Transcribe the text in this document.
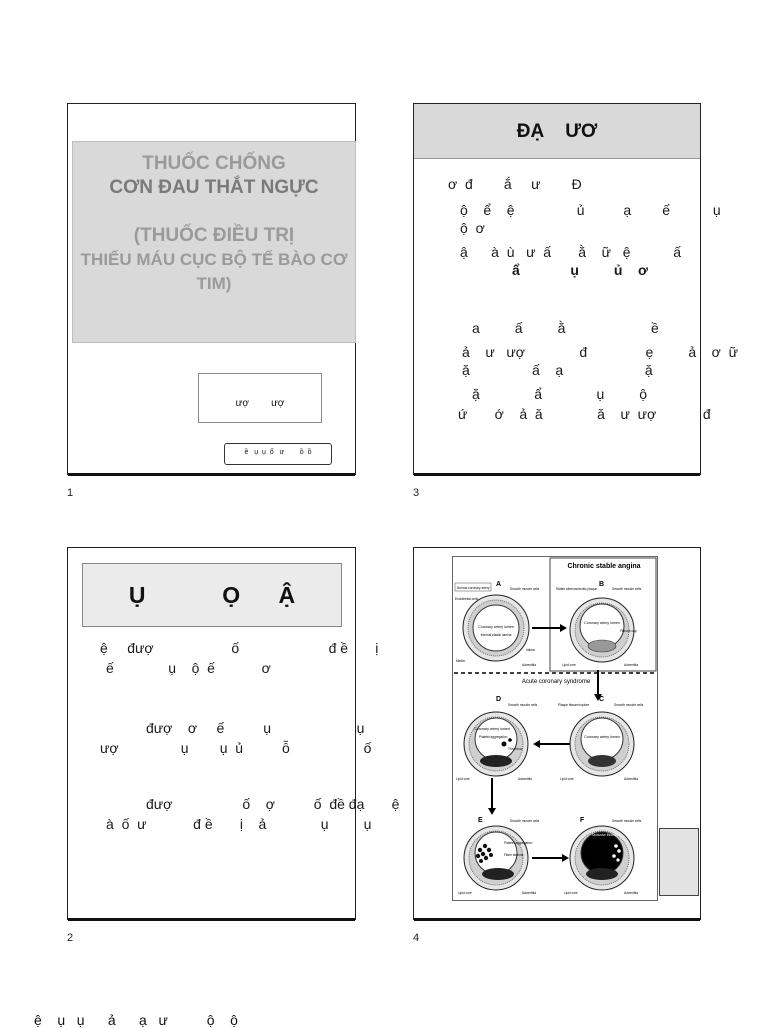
THUỐC CHỐNG
CƠN ĐAU THẮT NGỰC
(THUỐC ĐIỀU TRỊ
THIẾU MÁU CỤC BỘ TẾ BÀO CƠ TIM)
ượ        ượ
ề   ụ  ụ  ổ   ư        ồ  ồ
1
ĐẠ    ƯƠ
ơ  đ        ắ     ư        Đ
ộ    ể    ệ                ủ          ạ        ế           ụ
ộ  ơ
ậ      à  ù   ư  ấ       ằ    ữ   ệ           ấ
ẩ             ụ         ủ    ơ
a         ấ         ằ                      ề
ả    ư   ượ              đ               ẹ         ả    ơ  ữ
ặ                ấ    ạ                     ặ
ặ              ẩ              ụ         ộ
ứ       ớ    ả  ă              ă    ư  ượ            đ
3
Ụ            Ọ      Ậ
ệ     đượ                    ố                       đ ề       ị
ế              ụ    ộ  ế            ơ
đượ    ơ     ế          ụ                      ụ
ượ                ụ        ụ  ủ          ỗ                   ố
đượ                  ố    ợ          ố  đề đạ       ệ
à  ố  ư            đ ề       ị    ả              ụ         ụ
2
Chronic stable angina
Acute coronary syndrome
A
Normal coronary artery
Coronary artery lumen
Smooth muscle cells
Endothelial cells
Internal elastic lamina
Intima
Media
Adventitia
B
Coronary artery lumen
Stable atherosclerotic plaque	Smooth muscle cells
Fibrous cap
Lipid core	Adventitia
D	C
Coronary artery lumen
Plaque fissure/rupture	Smooth muscle cells
Lipid core	Adventitia
Coronary artery lumen
Platelet aggregation
Thrombus
Smooth muscle cells
Lipid core	Adventitia
E
Platelet aggregation
Fibrin strands
Smooth muscle cells
Lipid core	Adventitia
F
Occlusive thrombus
Smooth muscle cells
Lipid core	Adventitia
4
ệ    ụ   ụ      ả      ạ   ư          ộ    ộ
